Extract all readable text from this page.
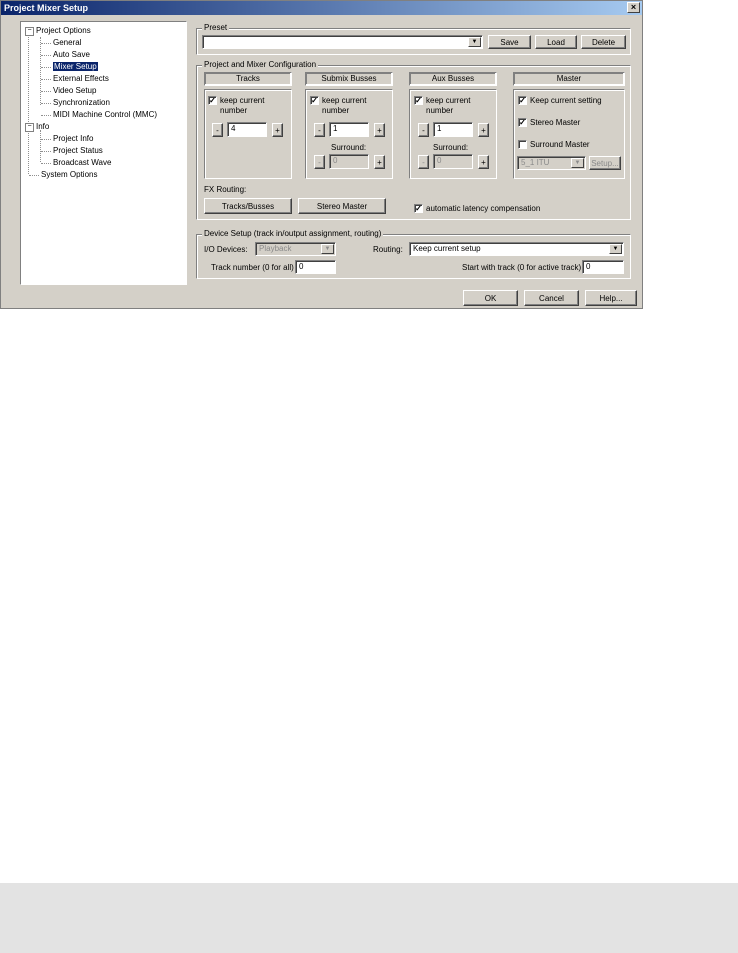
Project Mixer Setup	×
− Project Options
General
Auto Save
Mixer Setup
External Effects
Video Setup
Synchronization
MIDI Machine Control (MMC)
− Info
Project Info
Project Status
Broadcast Wave
System Options
Preset
▼	Save	Load	Delete
Project and Mixer Configuration
Tracks
✓ keep current number
-	4	+
Submix Busses
✓ keep current number
-	1	+
Surround:
-	0	+
Aux Busses
✓ keep current number
-	1	+
Surround:
-	0	+
Master
✓ Keep current setting
✓ Stereo Master
Surround Master
5_1 ITU	▼	Setup...
FX Routing:
Tracks/Busses	Stereo Master	✓ automatic latency compensation
Device Setup (track in/output assignment, routing)
I/O Devices: Playback	▼	Routing: Keep current setup	▼
Track number (0 for all) 0	Start with track (0 for active track) 0
OK	Cancel	Help...
